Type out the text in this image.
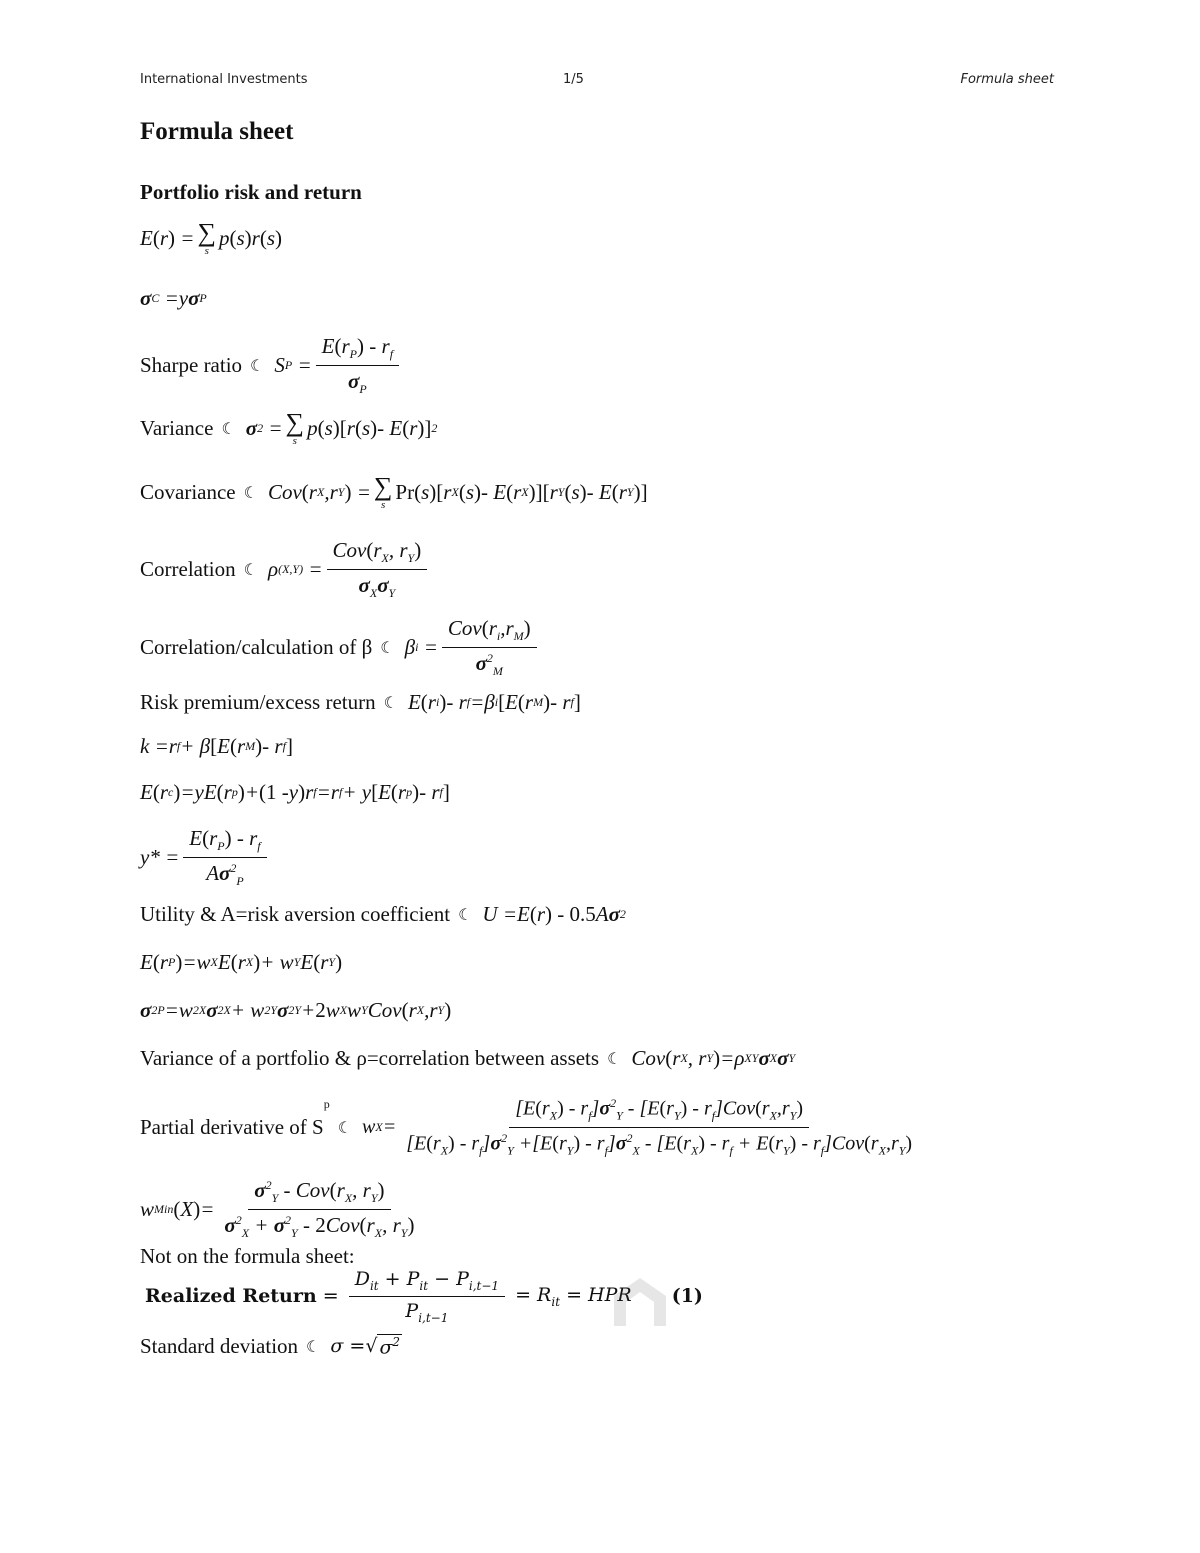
International Investments	1/5	Formula sheet
Formula sheet
Portfolio risk and return
E ( r ) = ∑
s
p ( s ) r ( s )
σ C =y σ P
Sharpe ratio ☾ S $P = \frac{E(r_P) - r_f}{\sigma_P}$
Variance ☾ σ 2 = ∑
s
p ( s )[ r ( s ) - E ( r )] 2
Covariance ☾ Cov ( r X ,r Y ) = ∑
s
Pr( s )[ r X ( s ) - E ( r X )][ r Y ( s ) - E ( r Y )]
Correlation ☾ ρ $(X,Y) = \frac{Cov(r_X, r_Y)}{\sigma_X\sigma_Y}$
Correlation/calculation of β ☾ β $i = \frac{Cov(r_i,r_M)}{\sigma^2_M}$
Risk premium/excess return ☾ E ( r i ) - r f =β i [ E ( r M ) - r f ]
k =r f + β [ E ( r M ) - r f ]
E ( r c ) =yE ( r p ) + (1 - y ) r f =r f + y [ E ( r p ) - r f ]
$y* = \frac{E(r_P) - r_f}{A\sigma^2_P}$
Utility & A=risk aversion coefficient ☾ U =E ( r ) - 0.5 A σ 2
E ( r P ) =w X E ( r X ) + w Y E ( r Y )
σ 2 P =w 2 X σ 2 X + w 2 Y σ 2 Y + 2 w X w Y Cov ( r X ,r Y )
Variance of a portfolio & ρ=correlation between assets ☾ Cov ( r X , r Y ) =ρ XY σ X σ Y
Partial derivative of $S^p$
☾ w X =
$[E(r_X) - r_f]\sigma^2_Y - [E(r_Y) - r_f]Cov(r_X,r_Y)$
$[E(r_X) - r_f]\sigma^2_Y +[E(r_Y) - r_f]\sigma^2_X - [E(r_X) - r_f + E(r_Y) - r_f]Cov(r_X,r_Y)$
w Min ( X ) = $\frac{\sigma^2_Y - Cov(r_X, r_Y)}{\sigma^2_X + \sigma^2_Y - 2Cov(r_X, r_Y)}$
Not on the formula sheet:
Realized Return = $\frac{D_{it} + P_{it} - P_{i,t-1}}{P_{i,t-1}} = R_{it}$ = HPR (1)
Standard deviation ☾ σ = √ $\sigma^2$
